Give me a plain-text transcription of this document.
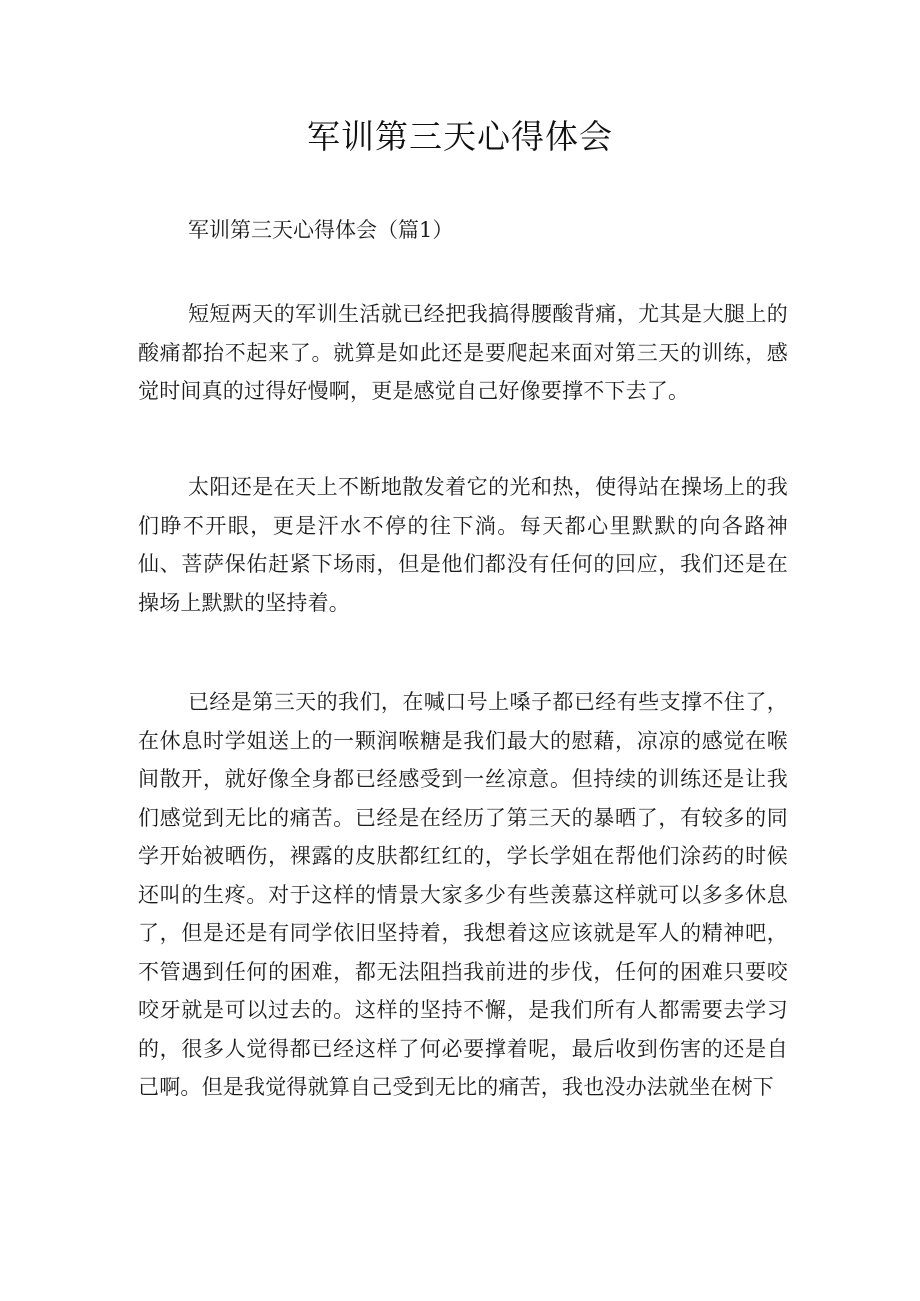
军训第三天心得体会

军训第三天心得体会（篇1）

短短两天的军训生活就已经把我搞得腰酸背痛，尤其是大腿上的酸痛都抬不起来了。就算是如此还是要爬起来面对第三天的训练，感觉时间真的过得好慢啊，更是感觉自己好像要撑不下去了。

太阳还是在天上不断地散发着它的光和热，使得站在操场上的我们睁不开眼，更是汗水不停的往下淌。每天都心里默默的向各路神仙、菩萨保佑赶紧下场雨，但是他们都没有任何的回应，我们还是在操场上默默的坚持着。

已经是第三天的我们，在喊口号上嗓子都已经有些支撑不住了，在休息时学姐送上的一颗润喉糖是我们最大的慰藉，凉凉的感觉在喉间散开，就好像全身都已经感受到一丝凉意。但持续的训练还是让我们感觉到无比的痛苦。已经是在经历了第三天的暴晒了，有较多的同学开始被晒伤，裸露的皮肤都红红的，学长学姐在帮他们涂药的时候还叫的生疼。对于这样的情景大家多少有些羡慕这样就可以多多休息了，但是还是有同学依旧坚持着，我想着这应该就是军人的精神吧，不管遇到任何的困难，都无法阻挡我前进的步伐，任何的困难只要咬咬牙就是可以过去的。这样的坚持不懈，是我们所有人都需要去学习的，很多人觉得都已经这样了何必要撑着呢，最后收到伤害的还是自己啊。但是我觉得就算自己受到无比的痛苦，我也没办法就坐在树下
